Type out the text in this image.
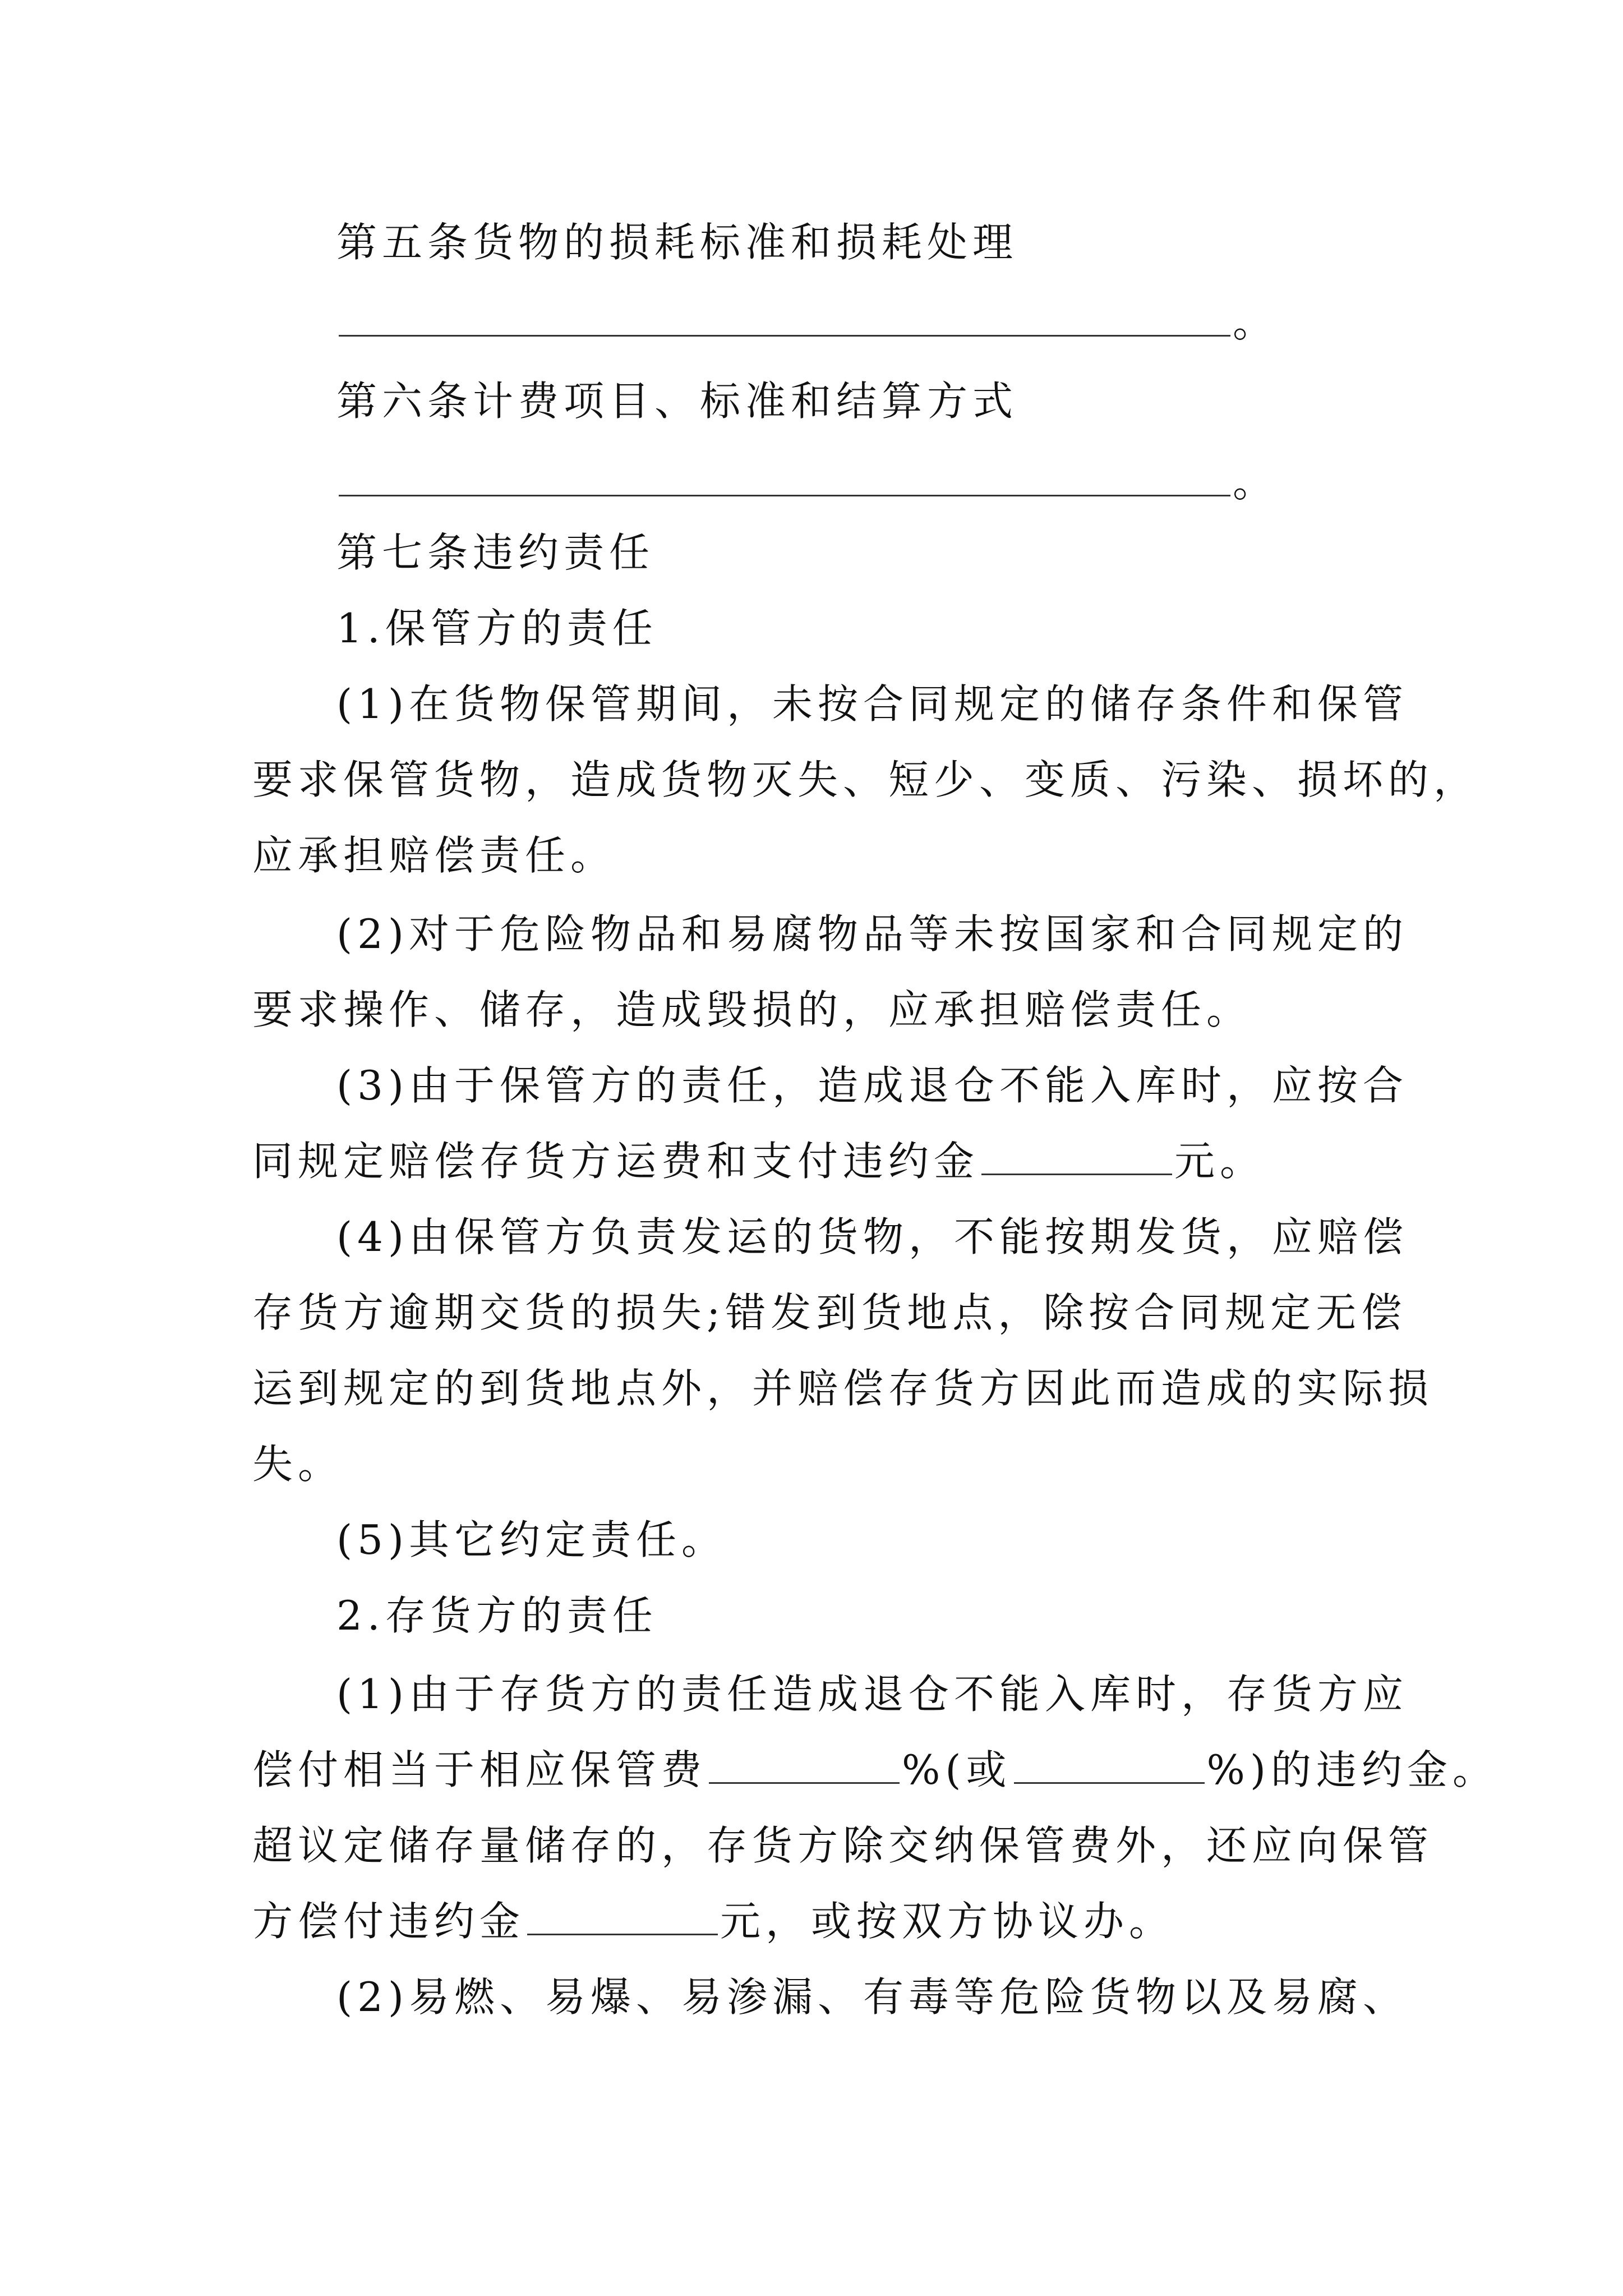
第五条货物的损耗标准和损耗处理
。
第六条计费项目、标准和结算方式
。
第七条违约责任
1.保管方的责任
(1)在货物保管期间，未按合同规定的储存条件和保管
要求保管货物，造成货物灭失、短少、变质、污染、损坏的，
应承担赔偿责任。
(2)对于危险物品和易腐物品等未按国家和合同规定的
要求操作、储存，造成毁损的，应承担赔偿责任。
(3)由于保管方的责任，造成退仓不能入库时，应按合
同规定赔偿存货方运费和支付违约金	元。
(4)由保管方负责发运的货物，不能按期发货，应赔偿
存货方逾期交货的损失;错发到货地点，除按合同规定无偿
运到规定的到货地点外，并赔偿存货方因此而造成的实际损
失。
(5)其它约定责任。
2.存货方的责任
(1)由于存货方的责任造成退仓不能入库时，存货方应
偿付相当于相应保管费	%(或	%)的违约金。
超议定储存量储存的，存货方除交纳保管费外，还应向保管
方偿付违约金	元，或按双方协议办。
(2)易燃、易爆、易渗漏、有毒等危险货物以及易腐、
